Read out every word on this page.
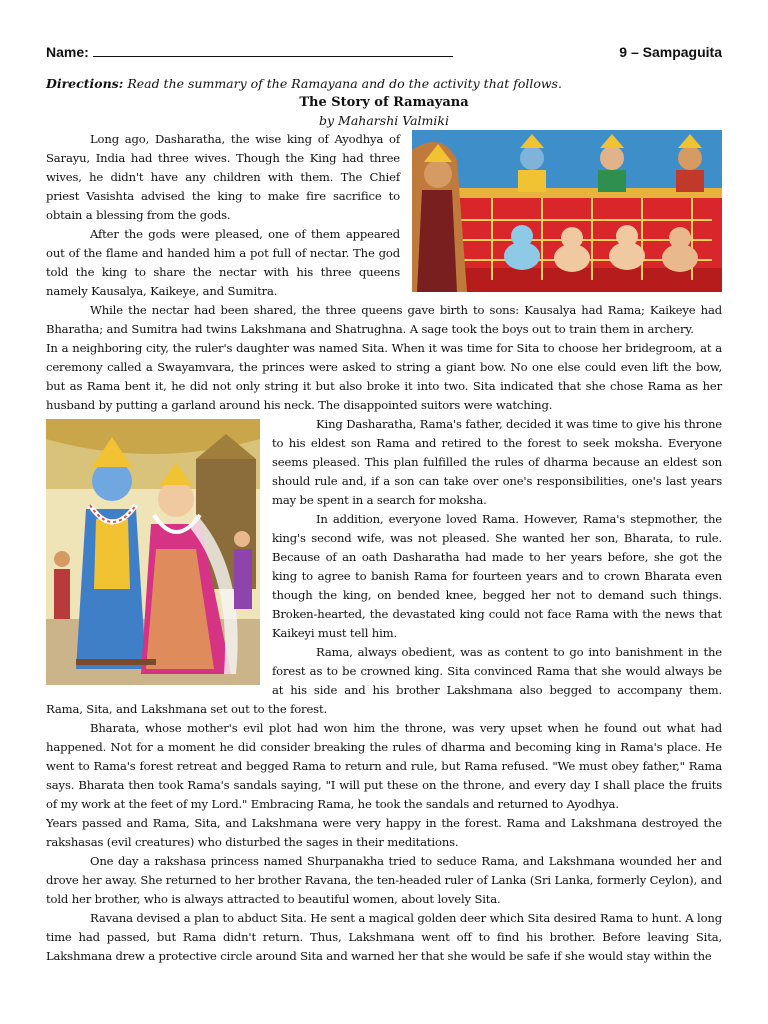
Name:	9 – Sampaguita
Directions: Read the summary of the Ramayana and do the activity that follows.
The Story of Ramayana
by Maharshi Valmiki

Long ago, Dasharatha, the wise king of Ayodhya of Sarayu, India had three wives. Though the King had three wives, he didn't have any children with them. The Chief priest Vasishta advised the king to make fire sacrifice to obtain a blessing from the gods.

After the gods were pleased, one of them appeared out of the flame and handed him a pot full of nectar. The god told the king to share the nectar with his three queens namely Kausalya, Kaikeye, and Sumitra.

While the nectar had been shared, the three queens gave birth to sons: Kausalya had Rama; Kaikeye had Bharatha; and Sumitra had twins Lakshmana and Shatrughna. A sage took the boys out to train them in archery.

In a neighboring city, the ruler's daughter was named Sita. When it was time for Sita to choose her bridegroom, at a ceremony called a Swayamvara, the princes were asked to string a giant bow. No one else could even lift the bow, but as Rama bent it, he did not only string it but also broke it into two. Sita indicated that she chose Rama as her husband by putting a garland around his neck. The disappointed suitors were watching.

King Dasharatha, Rama's father, decided it was time to give his throne to his eldest son Rama and retired to the forest to seek moksha. Everyone seems pleased. This plan fulfilled the rules of dharma because an eldest son should rule and, if a son can take over one's responsibilities, one's last years may be spent in a search for moksha.

In addition, everyone loved Rama. However, Rama's stepmother, the king's second wife, was not pleased. She wanted her son, Bharata, to rule. Because of an oath Dasharatha had made to her years before, she got the king to agree to banish Rama for fourteen years and to crown Bharata even though the king, on bended knee, begged her not to demand such things. Broken-hearted, the devastated king could not face Rama with the news that Kaikeyi must tell him.

Rama, always obedient, was as content to go into banishment in the forest as to be crowned king. Sita convinced Rama that she would always be at his side and his brother Lakshmana also begged to accompany them. Rama, Sita, and Lakshmana set out to the forest.

Bharata, whose mother's evil plot had won him the throne, was very upset when he found out what had happened. Not for a moment he did consider breaking the rules of dharma and becoming king in Rama's place. He went to Rama's forest retreat and begged Rama to return and rule, but Rama refused. "We must obey father," Rama says. Bharata then took Rama's sandals saying, "I will put these on the throne, and every day I shall place the fruits of my work at the feet of my Lord." Embracing Rama, he took the sandals and returned to Ayodhya.

Years passed and Rama, Sita, and Lakshmana were very happy in the forest. Rama and Lakshmana destroyed the rakshasas (evil creatures) who disturbed the sages in their meditations.

One day a rakshasa princess named Shurpanakha tried to seduce Rama, and Lakshmana wounded her and drove her away. She returned to her brother Ravana, the ten-headed ruler of Lanka (Sri Lanka, formerly Ceylon), and told her brother, who is always attracted to beautiful women, about lovely Sita.

Ravana devised a plan to abduct Sita. He sent a magical golden deer which Sita desired Rama to hunt. A long time had passed, but Rama didn't return. Thus, Lakshmana went off to find his brother. Before leaving Sita, Lakshmana drew a protective circle around Sita and warned her that she would be safe if she would stay within the
